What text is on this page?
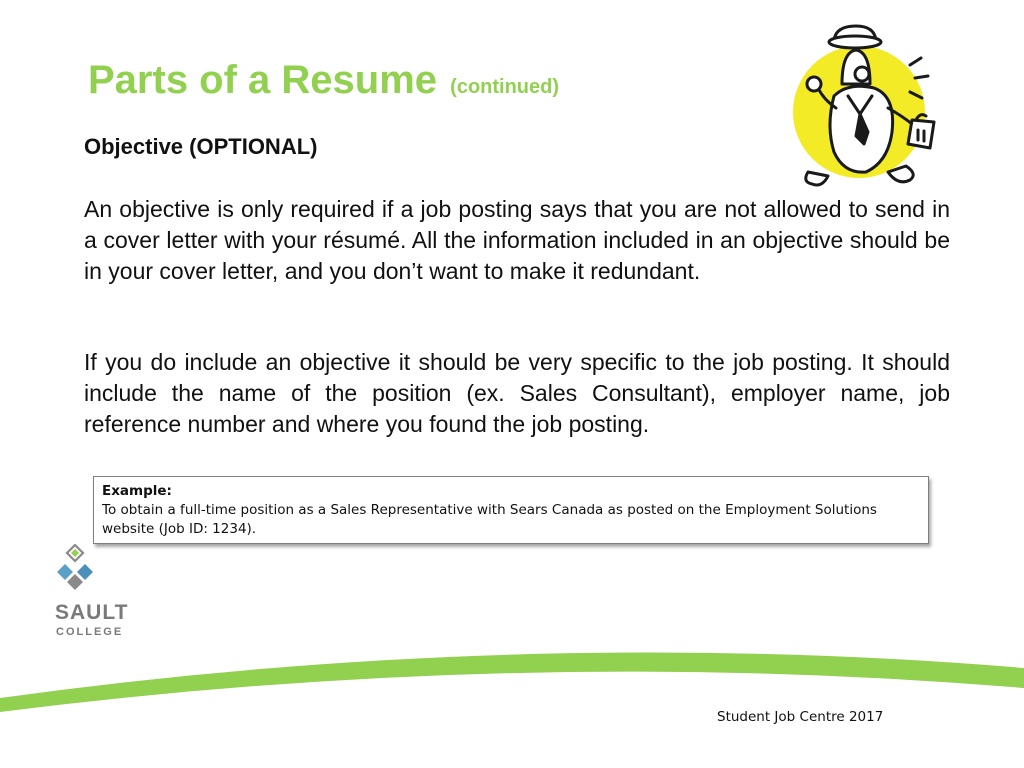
Parts of a Resume (continued)
Objective (OPTIONAL)

An objective is only required if a job posting says that you are not allowed to send in a cover letter with your résumé. All the information included in an objective should be in your cover letter, and you don’t want to make it redundant.

If you do include an objective it should be very specific to the job posting. It should include the name of the position (ex. Sales Consultant), employer name, job reference number and where you found the job posting.

Example:
To obtain a full-time position as a Sales Representative with Sears Canada as posted on the Employment Solutions website (Job ID: 1234).
SAULT
COLLEGE
Student Job Centre 2017
